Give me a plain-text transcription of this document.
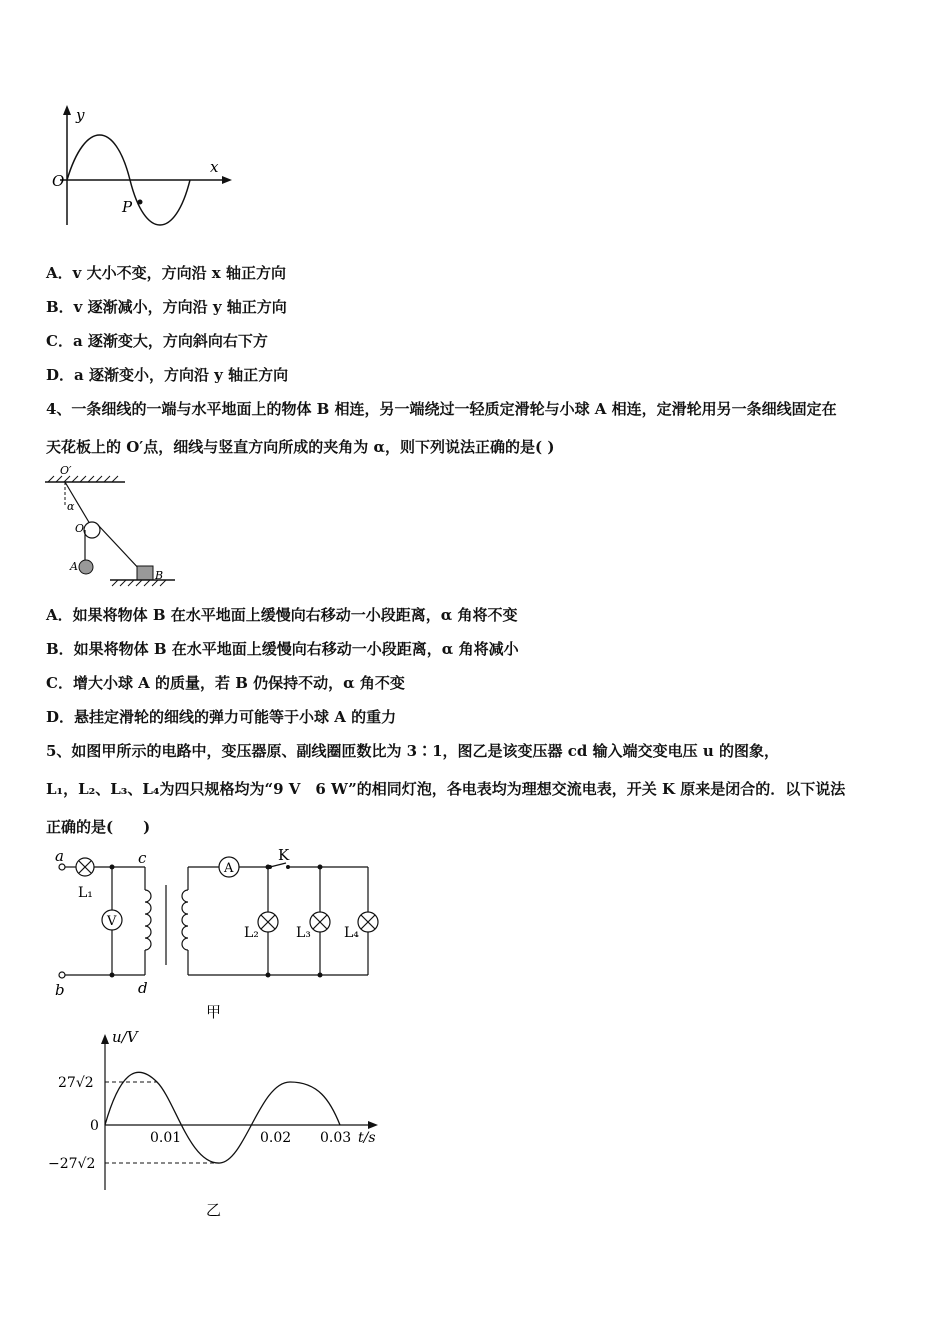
y
x
O
P
A．v 大小不变，方向沿 x 轴正方向
B．v 逐渐减小，方向沿 y 轴正方向
C．a 逐渐变大，方向斜向右下方
D．a 逐渐变小，方向沿 y 轴正方向
4、一条细线的一端与水平地面上的物体 B 相连，另一端绕过一轻质定滑轮与小球 A 相连，定滑轮用另一条细线固定在
天花板上的 O′点，细线与竖直方向所成的夹角为 α，则下列说法正确的是( )
O′
α
O
A
B
A．如果将物体 B 在水平地面上缓慢向右移动一小段距离，α 角将不变
B．如果将物体 B 在水平地面上缓慢向右移动一小段距离，α 角将减小
C．增大小球 A 的质量，若 B 仍保持不动，α 角不变
D．悬挂定滑轮的细线的弹力可能等于小球 A 的重力
5、如图甲所示的电路中，变压器原、副线圈匝数比为 3∶1，图乙是该变压器 cd 输入端交变电压 u 的图象，
L₁，L₂、L₃、L₄为四只规格均为“9 V　6 W”的相同灯泡，各电表均为理想交流电表，开关 K 原来是闭合的．以下说法
正确的是(　　)
V
A
a
b
c
d
K
L₁
L₂	L₃ L₄
甲
u/V
t/s
27√2
−27√2
0
0.01	0.02 0.03
乙
